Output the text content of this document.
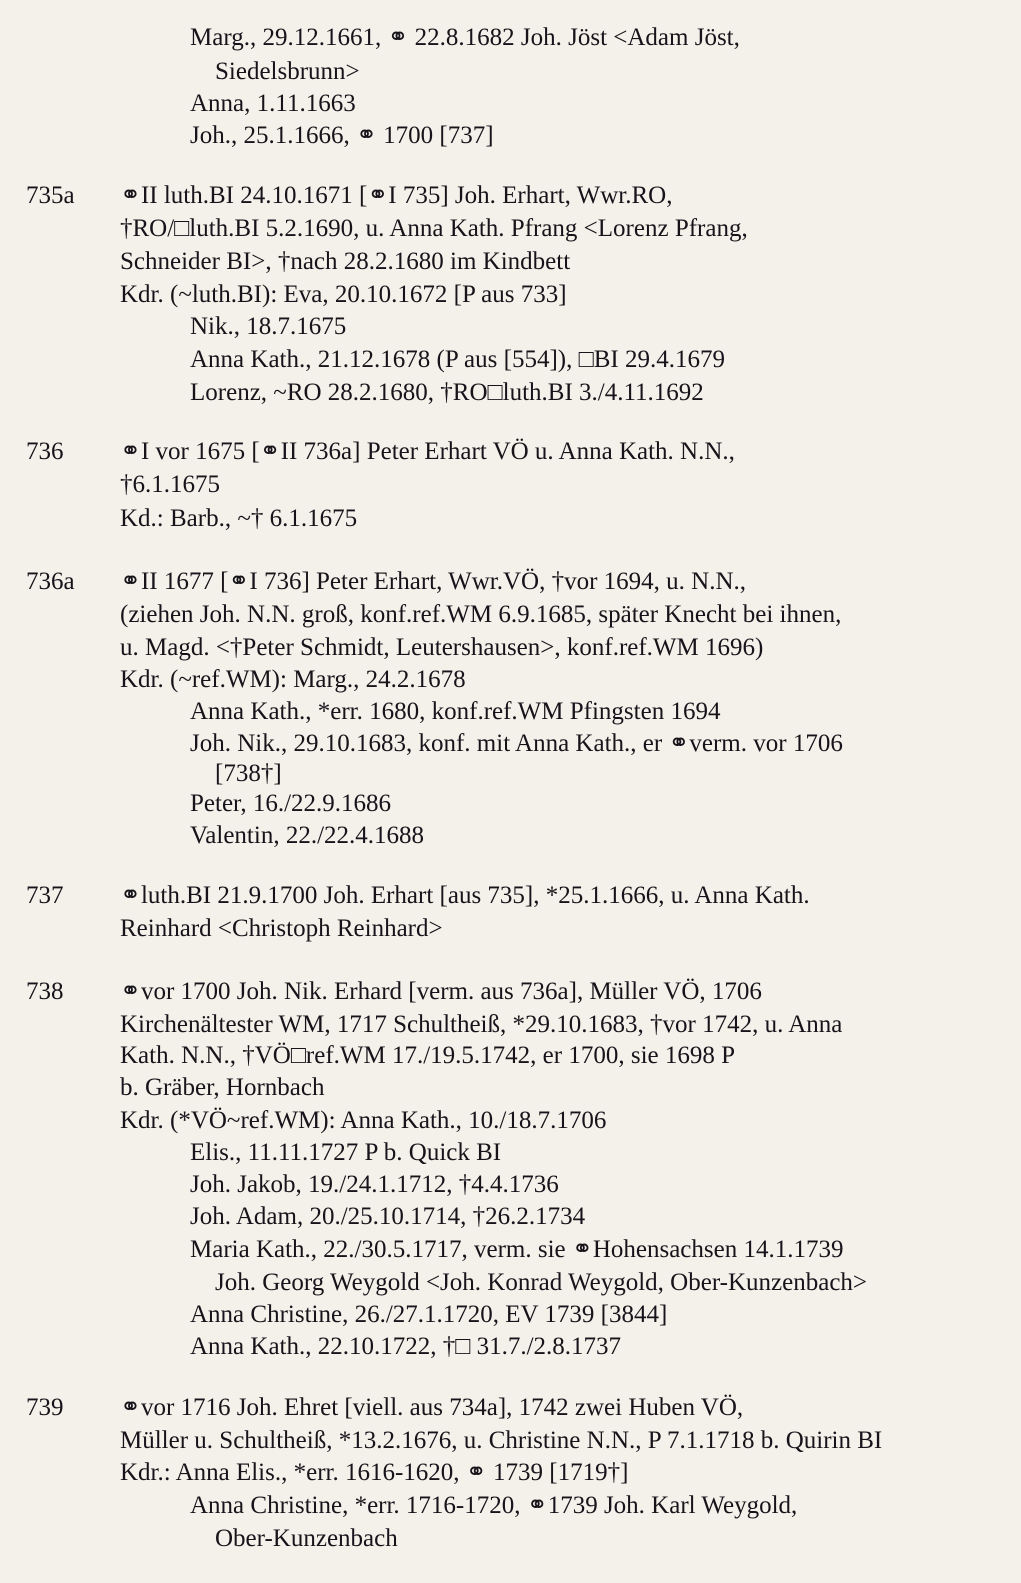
Marg., 29.12.1661, ⚭ 22.8.1682 Joh. Jöst <Adam Jöst,
Siedelsbrunn>
Anna, 1.11.1663
Joh., 25.1.1666, ⚭ 1700 [737]
735a	⚭II luth.BI 24.10.1671 [⚭I 735] Joh. Erhart, Wwr.RO,
†RO/□luth.BI 5.2.1690, u. Anna Kath. Pfrang <Lorenz Pfrang,
Schneider BI>, †nach 28.2.1680 im Kindbett
Kdr. (~luth.BI): Eva, 20.10.1672 [P aus 733]
Nik., 18.7.1675
Anna Kath., 21.12.1678 (P aus [554]), □BI 29.4.1679
Lorenz, ~RO 28.2.1680, †RO□luth.BI 3./4.11.1692
736	⚭I vor 1675 [⚭II 736a] Peter Erhart VÖ u. Anna Kath. N.N.,
†6.1.1675
Kd.: Barb., ~† 6.1.1675
736a	⚭II 1677 [⚭I 736] Peter Erhart, Wwr.VÖ, †vor 1694, u. N.N.,
(ziehen Joh. N.N. groß, konf.ref.WM 6.9.1685, später Knecht bei ihnen,
u. Magd. <†Peter Schmidt, Leutershausen>, konf.ref.WM 1696)
Kdr. (~ref.WM): Marg., 24.2.1678
Anna Kath., *err. 1680, konf.ref.WM Pfingsten 1694
Joh. Nik., 29.10.1683, konf. mit Anna Kath., er ⚭verm. vor 1706
[738†]
Peter, 16./22.9.1686
Valentin, 22./22.4.1688
737	⚭luth.BI 21.9.1700 Joh. Erhart [aus 735], *25.1.1666, u. Anna Kath.
Reinhard <Christoph Reinhard>
738	⚭vor 1700 Joh. Nik. Erhard [verm. aus 736a], Müller VÖ, 1706
Kirchenältester WM, 1717 Schultheiß, *29.10.1683, †vor 1742, u. Anna
Kath. N.N., †VÖ□ref.WM 17./19.5.1742, er 1700, sie 1698 P
b. Gräber, Hornbach
Kdr. (*VÖ~ref.WM): Anna Kath., 10./18.7.1706
Elis., 11.11.1727 P b. Quick BI
Joh. Jakob, 19./24.1.1712, †4.4.1736
Joh. Adam, 20./25.10.1714, †26.2.1734
Maria Kath., 22./30.5.1717, verm. sie ⚭Hohensachsen 14.1.1739
Joh. Georg Weygold <Joh. Konrad Weygold, Ober-Kunzenbach>
Anna Christine, 26./27.1.1720, EV 1739 [3844]
Anna Kath., 22.10.1722, †□ 31.7./2.8.1737
739	⚭vor 1716 Joh. Ehret [viell. aus 734a], 1742 zwei Huben VÖ,
Müller u. Schultheiß, *13.2.1676, u. Christine N.N., P 7.1.1718 b. Quirin BI
Kdr.: Anna Elis., *err. 1616-1620, ⚭ 1739 [1719†]
Anna Christine, *err. 1716-1720, ⚭1739 Joh. Karl Weygold,
Ober-Kunzenbach
